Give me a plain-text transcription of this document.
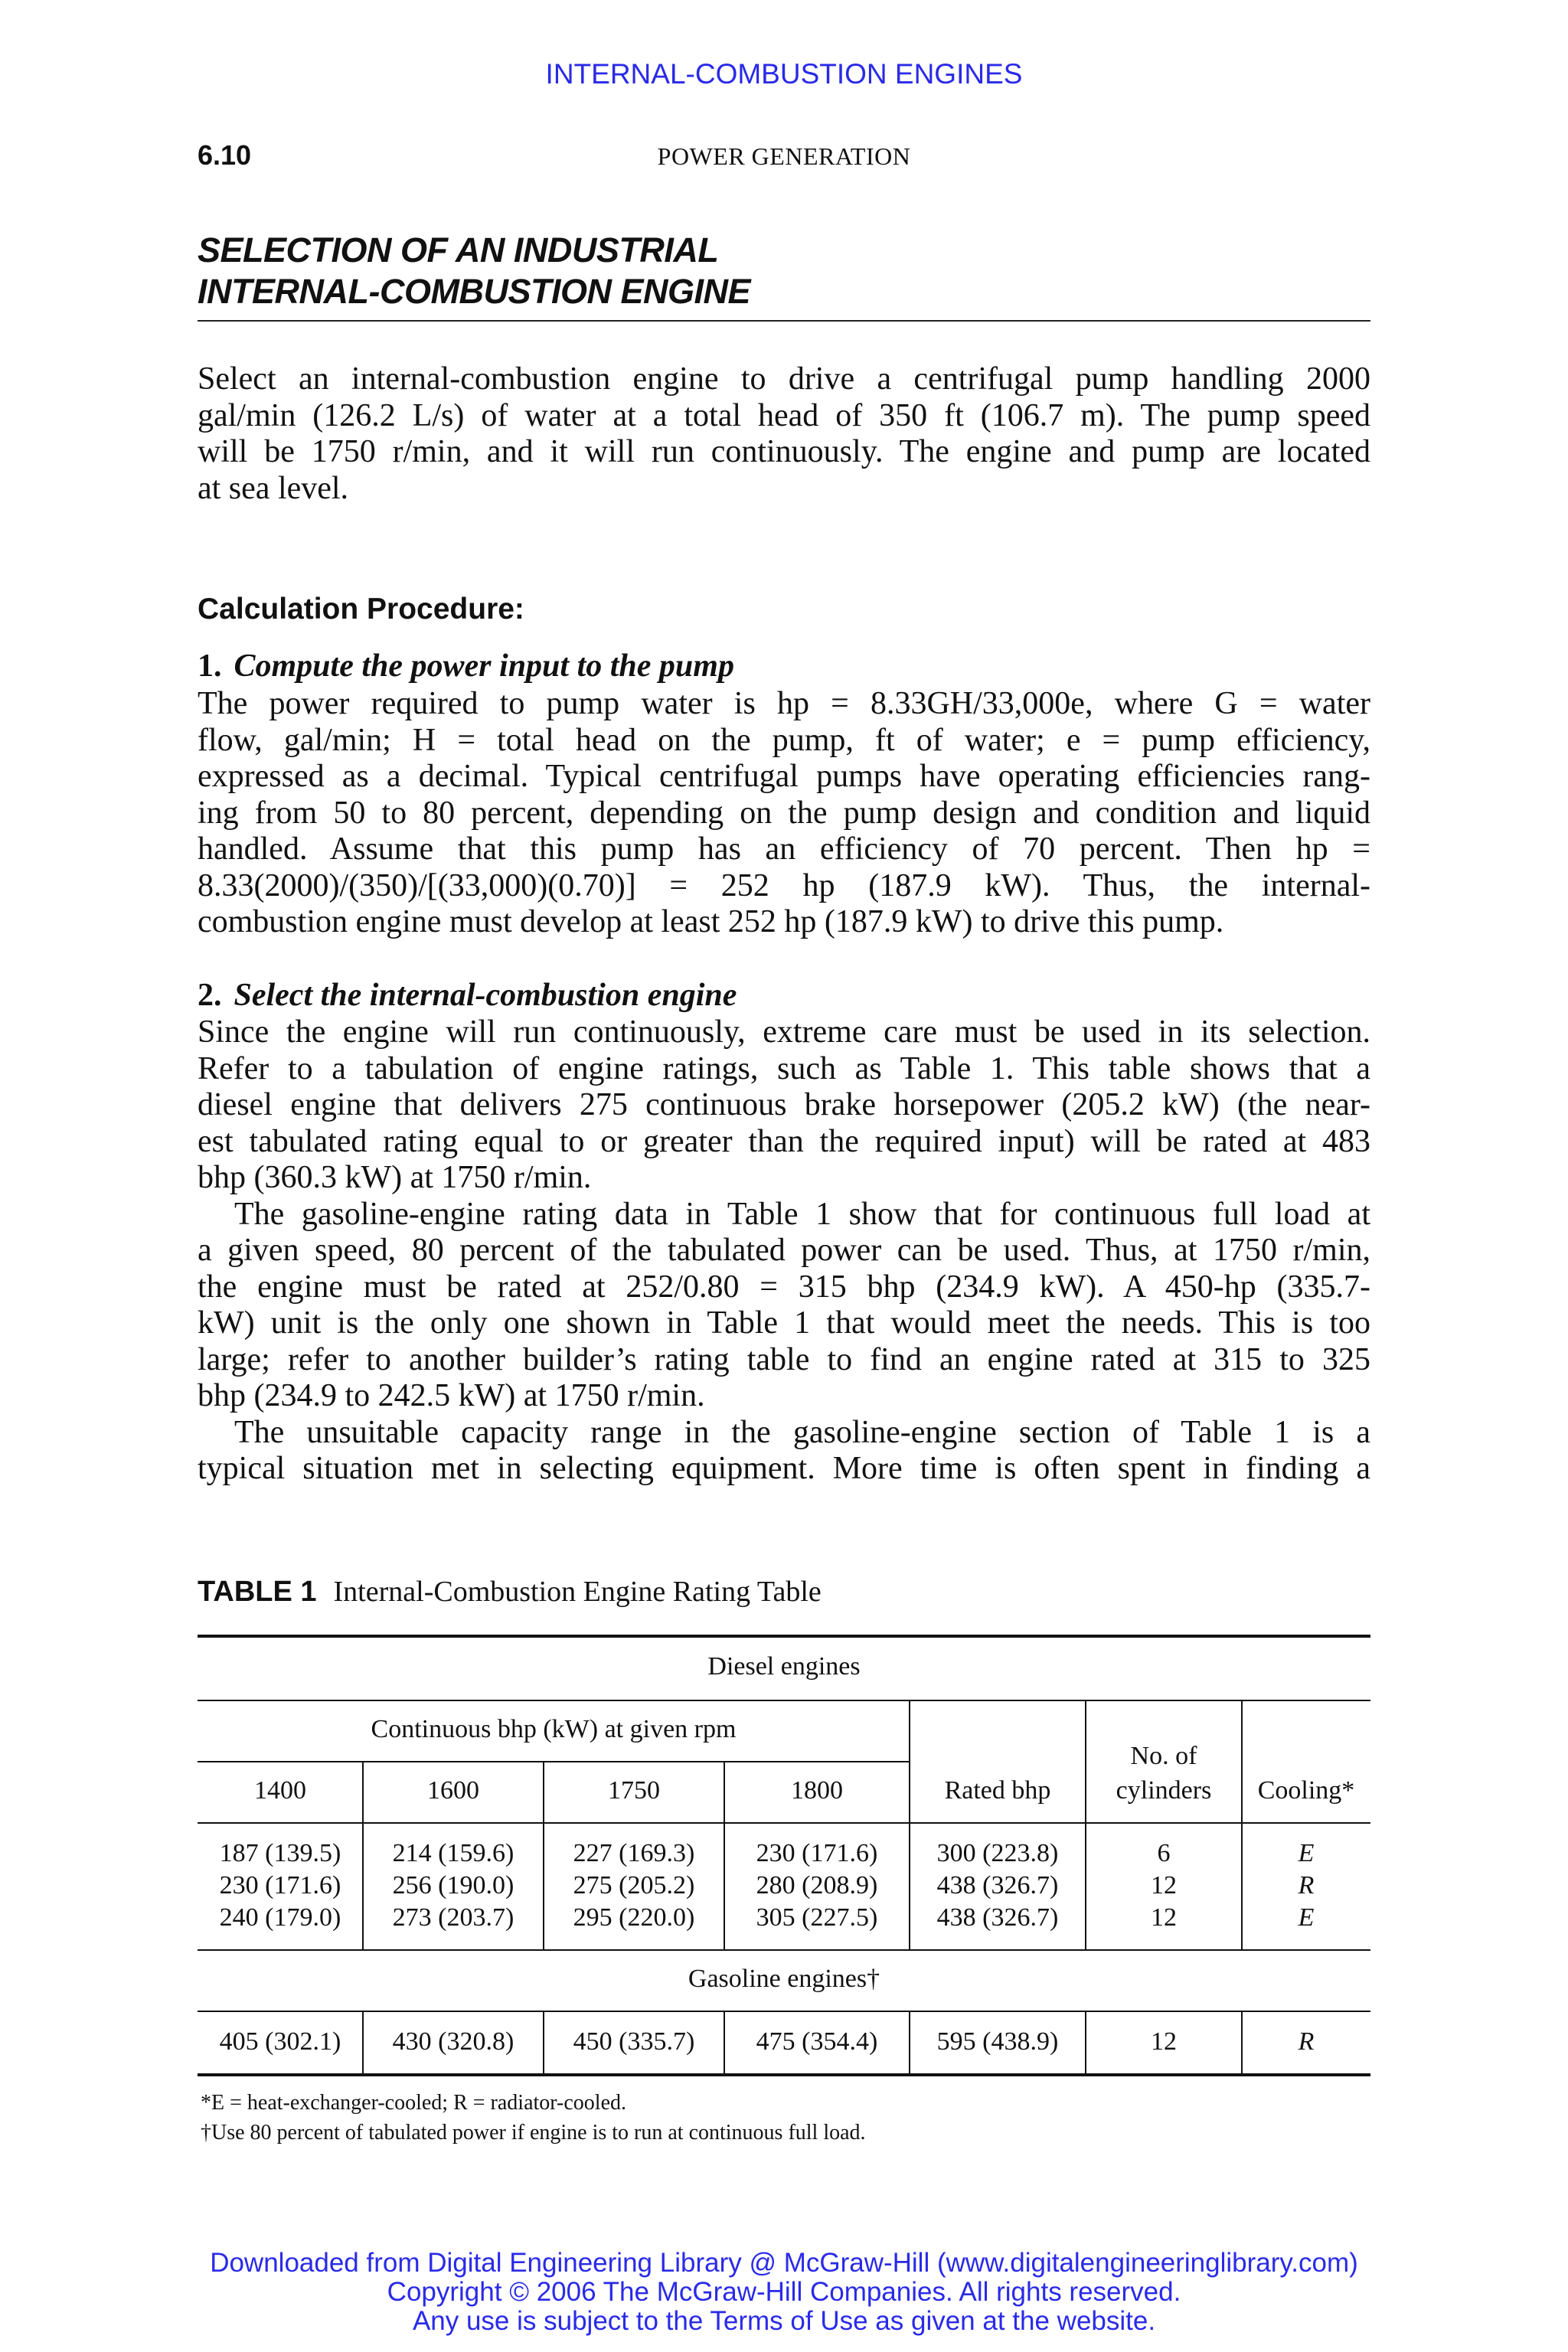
INTERNAL-COMBUSTION ENGINES
6.10	POWER GENERATION
SELECTION OF AN INDUSTRIAL
INTERNAL-COMBUSTION ENGINE
Select an internal-combustion engine to drive a centrifugal pump handling 2000
gal/min (126.2 L/s) of water at a total head of 350 ft (106.7 m). The pump speed
will be 1750 r/min, and it will run continuously. The engine and pump are located
at sea level.
Calculation Procedure:
1. Compute the power input to the pump
The power required to pump water is hp = 8.33GH/33,000e, where G = water
flow, gal/min; H = total head on the pump, ft of water; e = pump efficiency,
expressed as a decimal. Typical centrifugal pumps have operating efficiencies rang-
ing from 50 to 80 percent, depending on the pump design and condition and liquid
handled. Assume that this pump has an efficiency of 70 percent. Then hp =
8.33(2000)/(350)/[(33,000)(0.70)] = 252 hp (187.9 kW). Thus, the internal-
combustion engine must develop at least 252 hp (187.9 kW) to drive this pump.
2. Select the internal-combustion engine
Since the engine will run continuously, extreme care must be used in its selection.
Refer to a tabulation of engine ratings, such as Table 1. This table shows that a
diesel engine that delivers 275 continuous brake horsepower (205.2 kW) (the near-
est tabulated rating equal to or greater than the required input) will be rated at 483
bhp (360.3 kW) at 1750 r/min.
The gasoline-engine rating data in Table 1 show that for continuous full load at
a given speed, 80 percent of the tabulated power can be used. Thus, at 1750 r/min,
the engine must be rated at 252/0.80 = 315 bhp (234.9 kW). A 450-hp (335.7-
kW) unit is the only one shown in Table 1 that would meet the needs. This is too
large; refer to another builder’s rating table to find an engine rated at 315 to 325
bhp (234.9 to 242.5 kW) at 1750 r/min.
The unsuitable capacity range in the gasoline-engine section of Table 1 is a
typical situation met in selecting equipment. More time is often spent in finding a
TABLE 1 Internal-Combustion Engine Rating Table
Diesel engines
Continuous bhp (kW) at given rpm
1400	1600	1750	1800	Rated bhp
No. of
cylinders	Cooling*
187 (139.5)	214 (159.6)	227 (169.3)	230 (171.6)	300 (223.8)	6	E
230 (171.6)	256 (190.0)	275 (205.2)	280 (208.9)	438 (326.7)	12	R
240 (179.0)	273 (203.7)	295 (220.0)	305 (227.5)	438 (326.7)	12	E
Gasoline engines†
405 (302.1)	430 (320.8)	450 (335.7)	475 (354.4)	595 (438.9)	12	R
*E = heat-exchanger-cooled; R = radiator-cooled.
†Use 80 percent of tabulated power if engine is to run at continuous full load.
Downloaded from Digital Engineering Library @ McGraw-Hill (www.digitalengineeringlibrary.com)
Copyright © 2006 The McGraw-Hill Companies. All rights reserved.
Any use is subject to the Terms of Use as given at the website.
